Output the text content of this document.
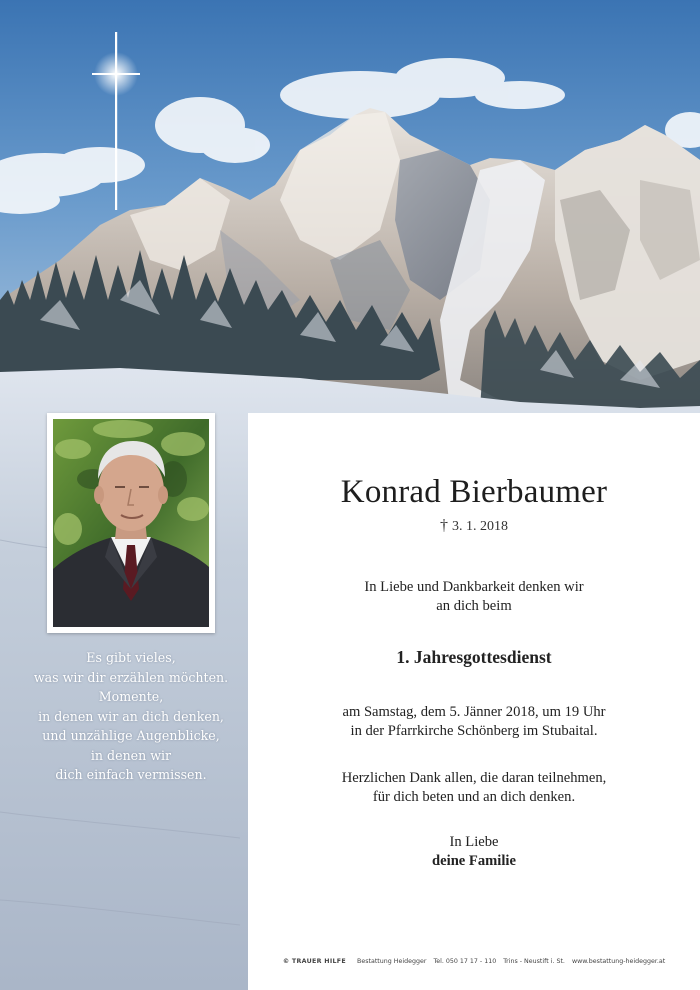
Es gibt vieles,
was wir dir erzählen möchten.
Momente,
in denen wir an dich denken,
und unzählige Augenblicke,
in denen wir
dich einfach vermissen.
Konrad Bierbaumer
† 3. 1. 2018
In Liebe und Dankbarkeit denken wir
an dich beim
1. Jahresgottesdienst
am Samstag, dem 5. Jänner 2018, um 19 Uhr
in der Pfarrkirche Schönberg im Stubaital.
Herzlichen Dank allen, die daran teilnehmen,
für dich beten und an dich denken.
In Liebe
deine Familie
© TRAUER HILFE Bestattung Heidegger Tel. 050 17 17 - 110 Trins - Neustift i. St. www.bestattung-heidegger.at
